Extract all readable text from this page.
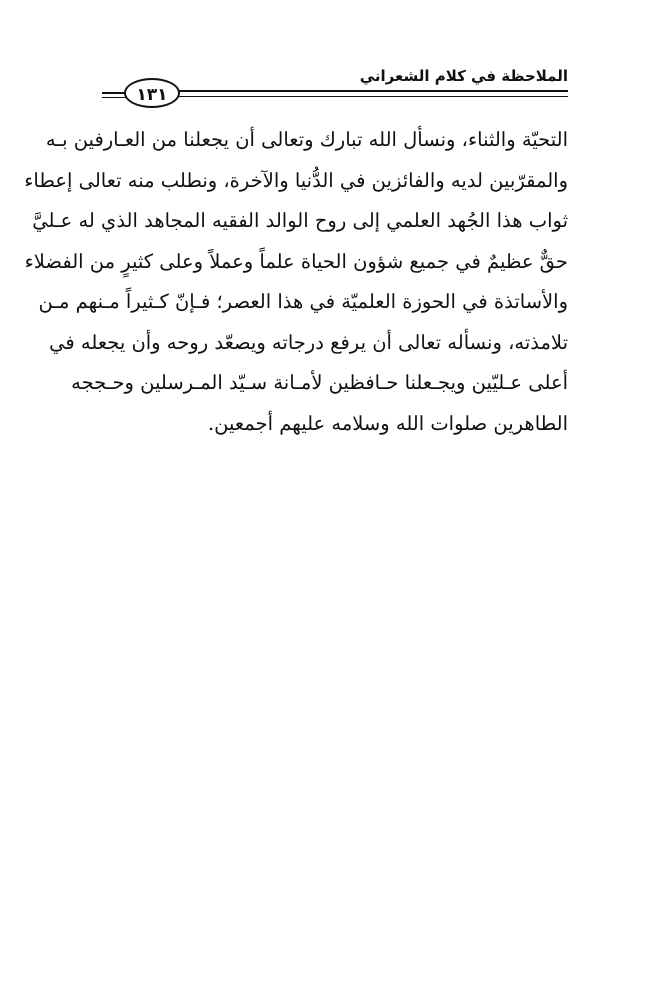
الملاحظة في كلام الشعراني
١٣١
التحيّة والثناء، ونسأل الله تبارك وتعالى أن يجعلنا من العـارفين بـه
والمقرّبين لديه والفائزين في الدُّنيا والآخرة، ونطلب منه تعالى إعطاء
ثواب هذا الجُهد العلمي إلى روح الوالد الفقيه المجاهد الذي له عـليَّ
حقٌّ عظيمٌ في جميع شؤون الحياة علماً وعملاً وعلى كثيرٍ من الفضلاء
والأساتذة في الحوزة العلميّة في هذا العصر؛ فـإنّ كـثيراً مـنهم مـن
تلامذته، ونسأله تعالى أن يرفع درجاته ويصعّد روحه وأن يجعله في
أعلى عـليّين ويجـعلنا حـافظين لأمـانة سـيّد المـرسلين وحـججه
الطاهرين صلوات الله وسلامه عليهم أجمعين.
